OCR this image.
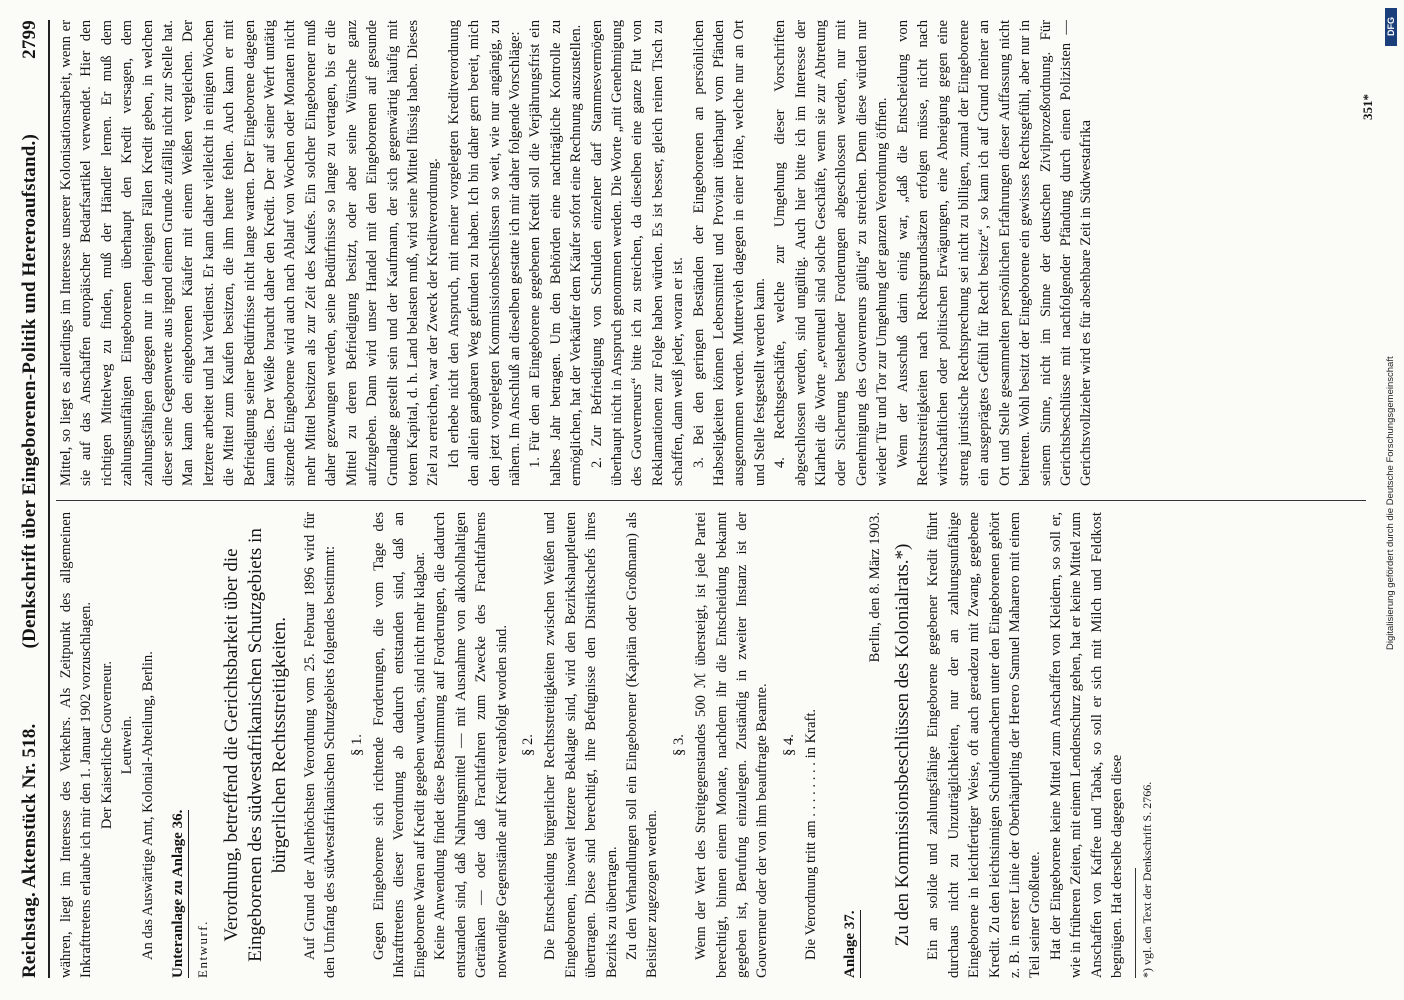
Reichstag. Aktenstück Nr. 518.
(Denkschrift über Eingeborenen-Politik und Hereroaufstand.)
2799

währen, liegt im Interesse des Verkehrs. Als Zeitpunkt des allgemeinen Inkrafttretens erlaube ich mir den 1. Januar 1902 vorzuschlagen. Der Kaiserliche Gouverneur. Leutwein. An das Auswärtige Amt, Kolonial-Abteilung, Berlin. Unteranlage zu Anlage 36. Entwurf.

Verordnung, betreffend die Gerichtsbarkeit über die Eingeborenen des südwestafrikanischen Schutzgebiets in bürgerlichen Rechtsstreitigkeiten. Auf Grund der Allerhöchsten Verordnung vom 25. Februar 1896 wird für den Umfang des südwestafrikanischen Schutzgebiets folgendes bestimmt: § 1. Gegen Eingeborene sich richtende Forderungen, die vom Tage des Inkrafttretens dieser Verordnung ab dadurch entstanden sind, daß an Eingeborene Waren auf Kredit gegeben wurden, sind nicht mehr klagbar. Keine Anwendung findet diese Bestimmung auf Forderungen, die dadurch entstanden sind, daß Nahrungsmittel — mit Ausnahme von alkoholhaltigen Getränken — oder daß Frachtfahren zum Zwecke des Frachtfahrens notwendige Gegenstände auf Kredit verabfolgt worden sind. § 2. Die Entscheidung bürgerlicher Rechtsstreitigkeiten zwischen Weißen und Eingeborenen, insoweit letztere Beklagte sind, wird den Bezirkshauptleuten übertragen. Diese sind berechtigt, ihre Befugnisse den Distriktschefs ihres Bezirks zu übertragen. Zu den Verhandlungen soll ein Eingeborener (Kapitän oder Großmann) als Beisitzer zugezogen werden.

§ 3. Wenn der Wert des Streitgegenstandes 500 ℳ übersteigt, ist jede Partei berechtigt, binnen einem Monate, nachdem ihr die Entscheidung bekannt gegeben ist, Berufung einzulegen. Zuständig in zweiter Instanz ist der Gouverneur oder der von ihm beauftragte Beamte. § 4. Die Verordnung tritt am . . . . . . . . in Kraft. Anlage 37.

Berlin, den 8. März 1903. Zu den Kommissionsbeschlüssen des Kolonialrats.*) Ein an solide und zahlungsfähige Eingeborene gegebener Kredit führt durchaus nicht zu Unzuträglichkeiten, nur der an zahlungsunfähige Eingeborene in leichtfertiger Weise, oft auch geradezu mit Zwang, gegebene Kredit. Zu den leichtsinnigen Schuldenmachern unter den Eingeborenen gehört z. B. in erster Linie der Oberhäuptling der Herero Samuel Maharero mit einem Teil seiner Großleute. Hat der Eingeborene keine Mittel zum Anschaffen von Kleidern, so soll er, wie in früheren Zeiten, mit einem Lendenschurz gehen, hat er keine Mittel zum Anschaffen von Kaffee und Tabak, so soll er sich mit Milch und Feldkost begnügen. Hat derselbe dagegen diese *) vgl. den Text der Denkschrift S. 2766.

Mittel, so liegt es allerdings im Interesse unserer Kolonisationsarbeit, wenn er sie auf das Anschaffen europäischer Bedarfsartikel verwendet. Hier den richtigen Mittelweg zu finden, muß der Händler lernen. Er muß dem zahlungsunfähigen Eingeborenen überhaupt den Kredit versagen, dem zahlungsfähigen dagegen nur in denjenigen Fällen Kredit geben, in welchen dieser seine Gegenwerte aus irgend einem Grunde zufällig nicht zur Stelle hat. Man kann den eingeborenen Käufer mit einem Weißen vergleichen. Der letztere arbeitet und hat Verdienst. Er kann daher vielleicht in einigen Wochen die Mittel zum Kaufen besitzen, die ihm heute fehlen. Auch kann er mit Befriedigung seiner Bedürfnisse nicht lange warten. Der Eingeborene dagegen kann dies. Der Weiße braucht daher den Kredit. Der auf seiner Werft untätig sitzende Eingeborene wird auch nach Ablauf von Wochen oder Monaten nicht mehr Mittel besitzen als zur Zeit des Kaufes. Ein solcher Eingeborener muß daher gezwungen werden, seine Bedürfnisse so lange zu vertagen, bis er die Mittel zu deren Befriedigung besitzt, oder aber seine Wünsche ganz aufzugeben. Dann wird unser Handel mit den Eingeborenen auf gesunde Grundlage gestellt sein und der Kaufmann, der sich gegenwärtig häufig mit totem Kapital, d. h. Land belasten muß, wird seine Mittel flüssig haben. Dieses Ziel zu erreichen, war der Zweck der Kreditverordnung. Ich erhebe nicht den Anspruch, mit meiner vorgelegten Kreditverordnung den allein gangbaren Weg gefunden zu haben. Ich bin daher gern bereit, mich den jetzt vorgelegten Kommissionsbeschlüssen so weit, wie nur angängig, zu nähern. Im Anschluß an dieselben gestatte ich mir daher folgende Vorschläge: 1. Für den an Eingeborene gegebenen Kredit soll die Verjährungsfrist ein halbes Jahr betragen. Um den Behörden eine nachträgliche Kontrolle zu ermöglichen, hat der Verkäufer dem Käufer sofort eine Rechnung auszustellen. 2. Zur Befriedigung von Schulden einzelner darf Stammesvermögen überhaupt nicht in Anspruch genommen werden. Die Worte „mit Genehmigung des Gouverneurs“ bitte ich zu streichen, da dieselben eine ganze Flut von Reklamationen zur Folge haben würden. Es ist besser, gleich reinen Tisch zu schaffen, dann weiß jeder, woran er ist. 3. Bei den geringen Beständen der Eingeborenen an persönlichen Habseligkeiten können Lebensmittel und Proviant überhaupt vom Pfänden ausgenommen werden. Muttervieh dagegen in einer Höhe, welche nur an Ort und Stelle festgestellt werden kann. 4. Rechtsgeschäfte, welche zur Umgehung dieser Vorschriften abgeschlossen werden, sind ungültig. Auch hier bitte ich im Interesse der Klarheit die Worte „eventuell sind solche Geschäfte, wenn sie zur Abtretung oder Sicherung bestehender Forderungen abgeschlossen werden, nur mit Genehmigung des Gouverneurs gültig“ zu streichen. Denn diese würden nur wieder Tür und Tor zur Umgehung der ganzen Verordnung öffnen. Wenn der Ausschuß darin einig war, „daß die Entscheidung von Rechtsstreitigkeiten nach Rechtsgrundsätzen erfolgen müsse, nicht nach wirtschaftlichen oder politischen Erwägungen, eine Abneigung gegen eine streng juristische Rechtsprechung sei nicht zu billigen, zumal der Eingeborene ein ausgeprägtes Gefühl für Recht besitze“, so kann ich auf Grund meiner an Ort und Stelle gesammelten persönlichen Erfahrungen dieser Auffassung nicht beitreten. Wohl besitzt der Eingeborene ein gewisses Rechtsgefühl, aber nur in seinem Sinne, nicht im Sinne der deutschen Zivilprozeßordnung. Für Gerichtsbeschlüsse mit nachfolgender Pfändung durch einen Polizisten — Gerichtsvollzieher wird es für absehbare Zeit in Südwestafrika

351*
DFG
Digitalisierung gefördert durch die Deutsche Forschungsgemeinschaft
